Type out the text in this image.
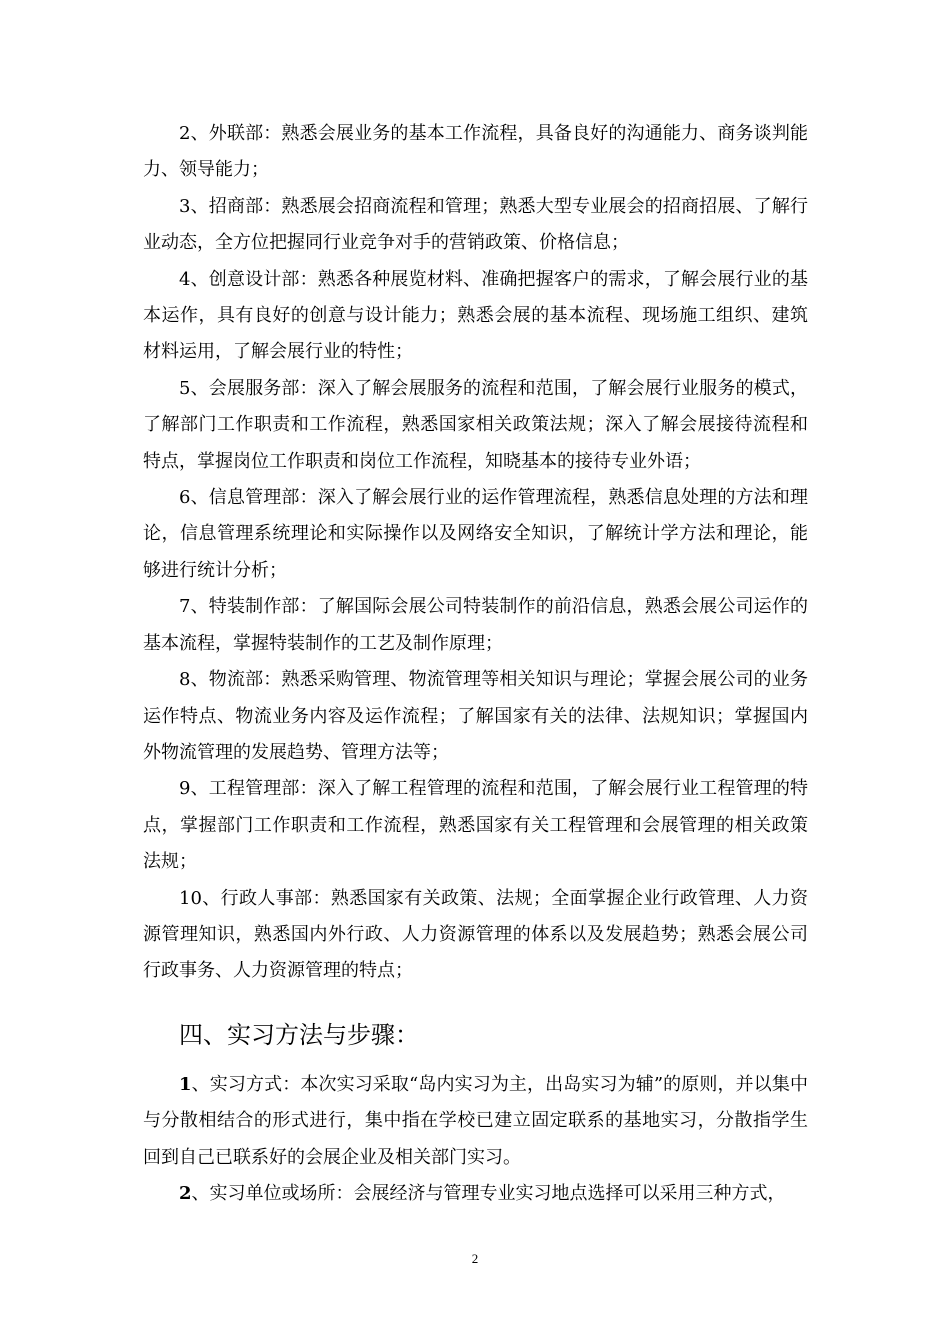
2、外联部：熟悉会展业务的基本工作流程，具备良好的沟通能力、商务谈判能力、领导能力；

3、招商部：熟悉展会招商流程和管理；熟悉大型专业展会的招商招展、了解行业动态，全方位把握同行业竞争对手的营销政策、价格信息；

4、创意设计部：熟悉各种展览材料、准确把握客户的需求，了解会展行业的基本运作，具有良好的创意与设计能力；熟悉会展的基本流程、现场施工组织、建筑材料运用，了解会展行业的特性；

5、会展服务部：深入了解会展服务的流程和范围，了解会展行业服务的模式，了解部门工作职责和工作流程，熟悉国家相关政策法规；深入了解会展接待流程和特点，掌握岗位工作职责和岗位工作流程，知晓基本的接待专业外语；

6、信息管理部：深入了解会展行业的运作管理流程，熟悉信息处理的方法和理论，信息管理系统理论和实际操作以及网络安全知识，了解统计学方法和理论，能够进行统计分析；

7、特装制作部：了解国际会展公司特装制作的前沿信息，熟悉会展公司运作的基本流程，掌握特装制作的工艺及制作原理；

8、物流部：熟悉采购管理、物流管理等相关知识与理论；掌握会展公司的业务运作特点、物流业务内容及运作流程；了解国家有关的法律、法规知识；掌握国内外物流管理的发展趋势、管理方法等；

9、工程管理部：深入了解工程管理的流程和范围，了解会展行业工程管理的特点，掌握部门工作职责和工作流程，熟悉国家有关工程管理和会展管理的相关政策法规；

10、行政人事部：熟悉国家有关政策、法规；全面掌握企业行政管理、人力资源管理知识，熟悉国内外行政、人力资源管理的体系以及发展趋势；熟悉会展公司行政事务、人力资源管理的特点；

四、实习方法与步骤：

1、实习方式：本次实习采取“岛内实习为主，出岛实习为辅”的原则，并以集中与分散相结合的形式进行，集中指在学校已建立固定联系的基地实习，分散指学生回到自己已联系好的会展企业及相关部门实习。

2、实习单位或场所：会展经济与管理专业实习地点选择可以采用三种方式，

2
